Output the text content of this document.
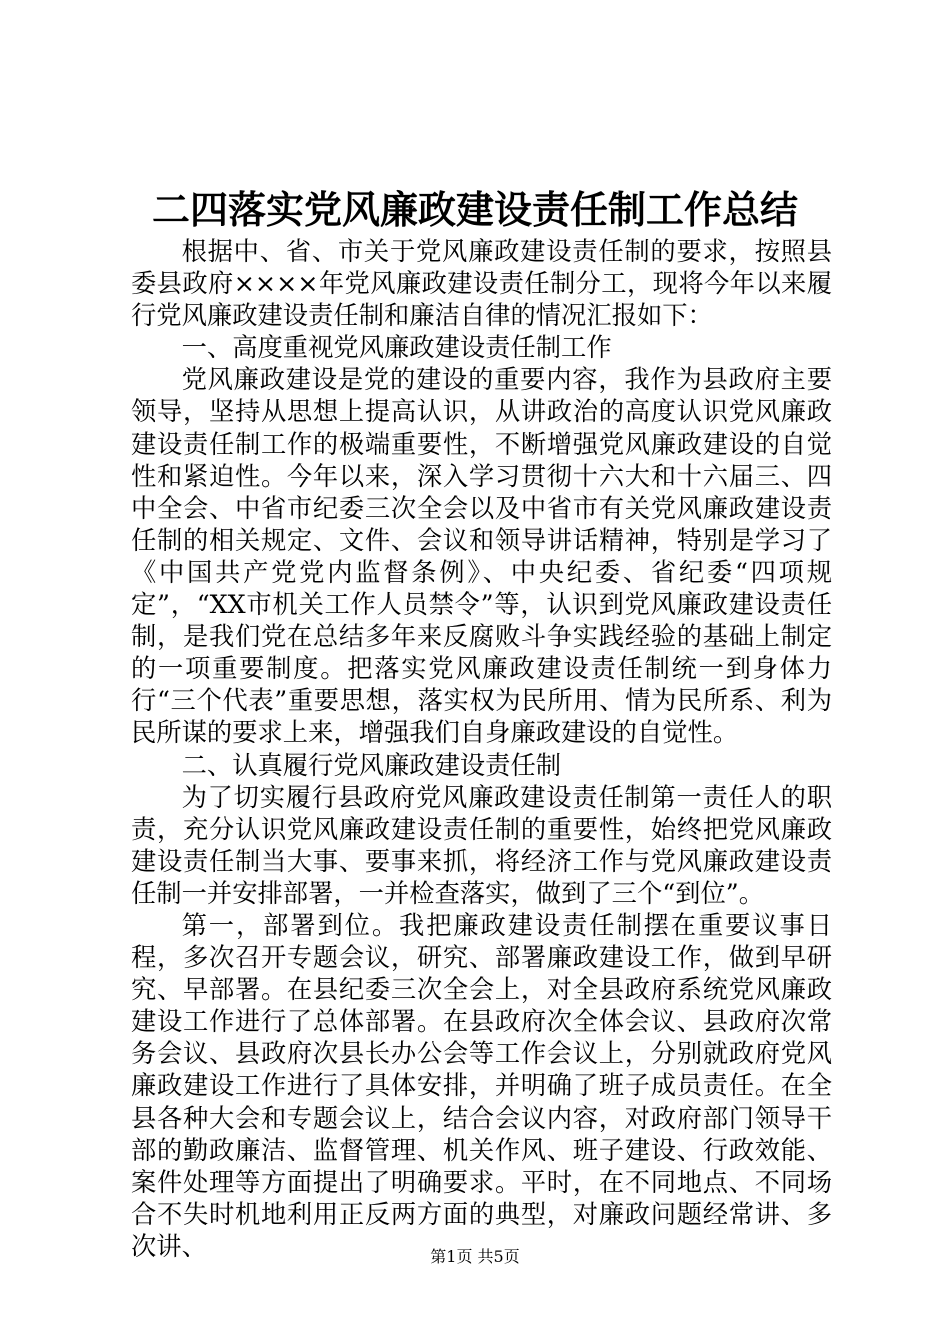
二四落实党风廉政建设责任制工作总结

根据中、省、市关于党风廉政建设责任制的要求，按照县委县政府××××年党风廉政建设责任制分工，现将今年以来履行党风廉政建设责任制和廉洁自律的情况汇报如下：

一、高度重视党风廉政建设责任制工作

党风廉政建设是党的建设的重要内容，我作为县政府主要领导，坚持从思想上提高认识，从讲政治的高度认识党风廉政建设责任制工作的极端重要性，不断增强党风廉政建设的自觉性和紧迫性。今年以来，深入学习贯彻十六大和十六届三、四中全会、中省市纪委三次全会以及中省市有关党风廉政建设责任制的相关规定、文件、会议和领导讲话精神，特别是学习了《中国共产党党内监督条例》、中央纪委、省纪委“四项规定”，“XX市机关工作人员禁令”等，认识到党风廉政建设责任制，是我们党在总结多年来反腐败斗争实践经验的基础上制定的一项重要制度。把落实党风廉政建设责任制统一到身体力行“三个代表”重要思想，落实权为民所用、情为民所系、利为民所谋的要求上来，增强我们自身廉政建设的自觉性。

二、认真履行党风廉政建设责任制

为了切实履行县政府党风廉政建设责任制第一责任人的职责，充分认识党风廉政建设责任制的重要性，始终把党风廉政建设责任制当大事、要事来抓，将经济工作与党风廉政建设责任制一并安排部署，一并检查落实，做到了三个“到位”。

第一，部署到位。我把廉政建设责任制摆在重要议事日程，多次召开专题会议，研究、部署廉政建设工作，做到早研究、早部署。在县纪委三次全会上，对全县政府系统党风廉政建设工作进行了总体部署。在县政府次全体会议、县政府次常务会议、县政府次县长办公会等工作会议上，分别就政府党风廉政建设工作进行了具体安排，并明确了班子成员责任。在全县各种大会和专题会议上，结合会议内容，对政府部门领导干部的勤政廉洁、监督管理、机关作风、班子建设、行政效能、案件处理等方面提出了明确要求。平时，在不同地点、不同场合不失时机地利用正反两方面的典型，对廉政问题经常讲、多次讲、	第1页 共5页
